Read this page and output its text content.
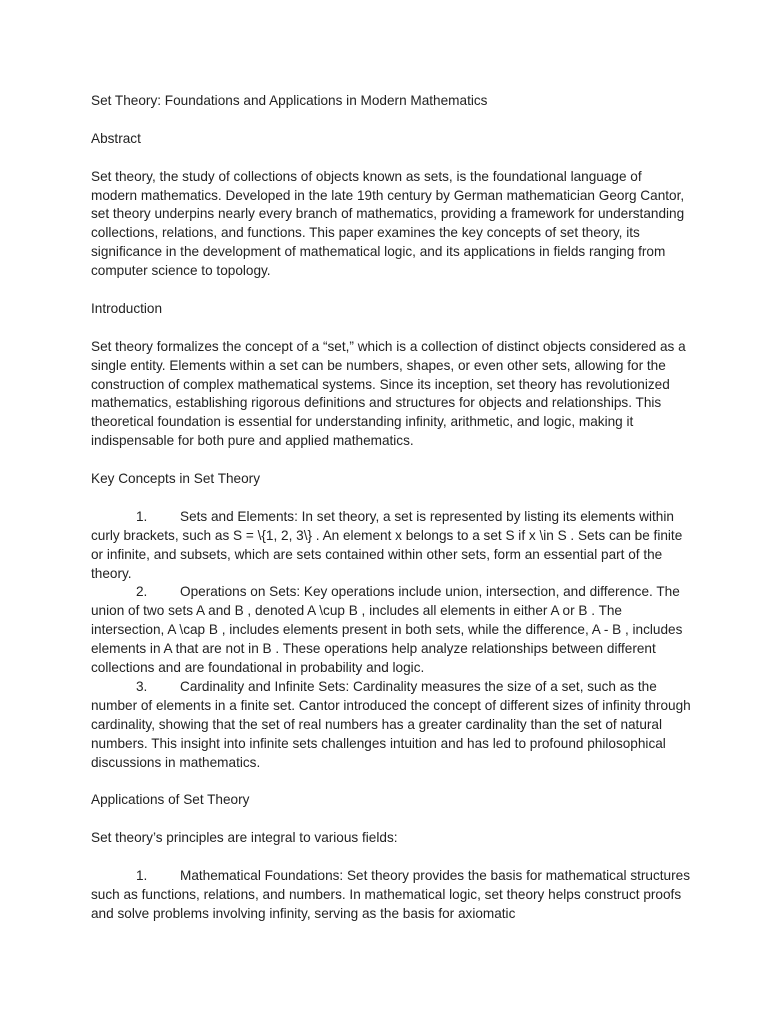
Set Theory: Foundations and Applications in Modern Mathematics

Abstract

Set theory, the study of collections of objects known as sets, is the foundational language of modern mathematics. Developed in the late 19th century by German mathematician Georg Cantor, set theory underpins nearly every branch of mathematics, providing a framework for understanding collections, relations, and functions. This paper examines the key concepts of set theory, its significance in the development of mathematical logic, and its applications in fields ranging from computer science to topology.

Introduction

Set theory formalizes the concept of a “set,” which is a collection of distinct objects considered as a single entity. Elements within a set can be numbers, shapes, or even other sets, allowing for the construction of complex mathematical systems. Since its inception, set theory has revolutionized mathematics, establishing rigorous definitions and structures for objects and relationships. This theoretical foundation is essential for understanding infinity, arithmetic, and logic, making it indispensable for both pure and applied mathematics.

Key Concepts in Set Theory

1. Sets and Elements: In set theory, a set is represented by listing its elements within curly brackets, such as S = \{1, 2, 3\} . An element x belongs to a set S if x \in S . Sets can be finite or infinite, and subsets, which are sets contained within other sets, form an essential part of the theory.

2. Operations on Sets: Key operations include union, intersection, and difference. The union of two sets A and B , denoted A \cup B , includes all elements in either A or B . The intersection, A \cap B , includes elements present in both sets, while the difference, A - B , includes elements in A that are not in B . These operations help analyze relationships between different collections and are foundational in probability and logic.

3. Cardinality and Infinite Sets: Cardinality measures the size of a set, such as the number of elements in a finite set. Cantor introduced the concept of different sizes of infinity through cardinality, showing that the set of real numbers has a greater cardinality than the set of natural numbers. This insight into infinite sets challenges intuition and has led to profound philosophical discussions in mathematics.

Applications of Set Theory

Set theory’s principles are integral to various fields:

1. Mathematical Foundations: Set theory provides the basis for mathematical structures such as functions, relations, and numbers. In mathematical logic, set theory helps construct proofs and solve problems involving infinity, serving as the basis for axiomatic
